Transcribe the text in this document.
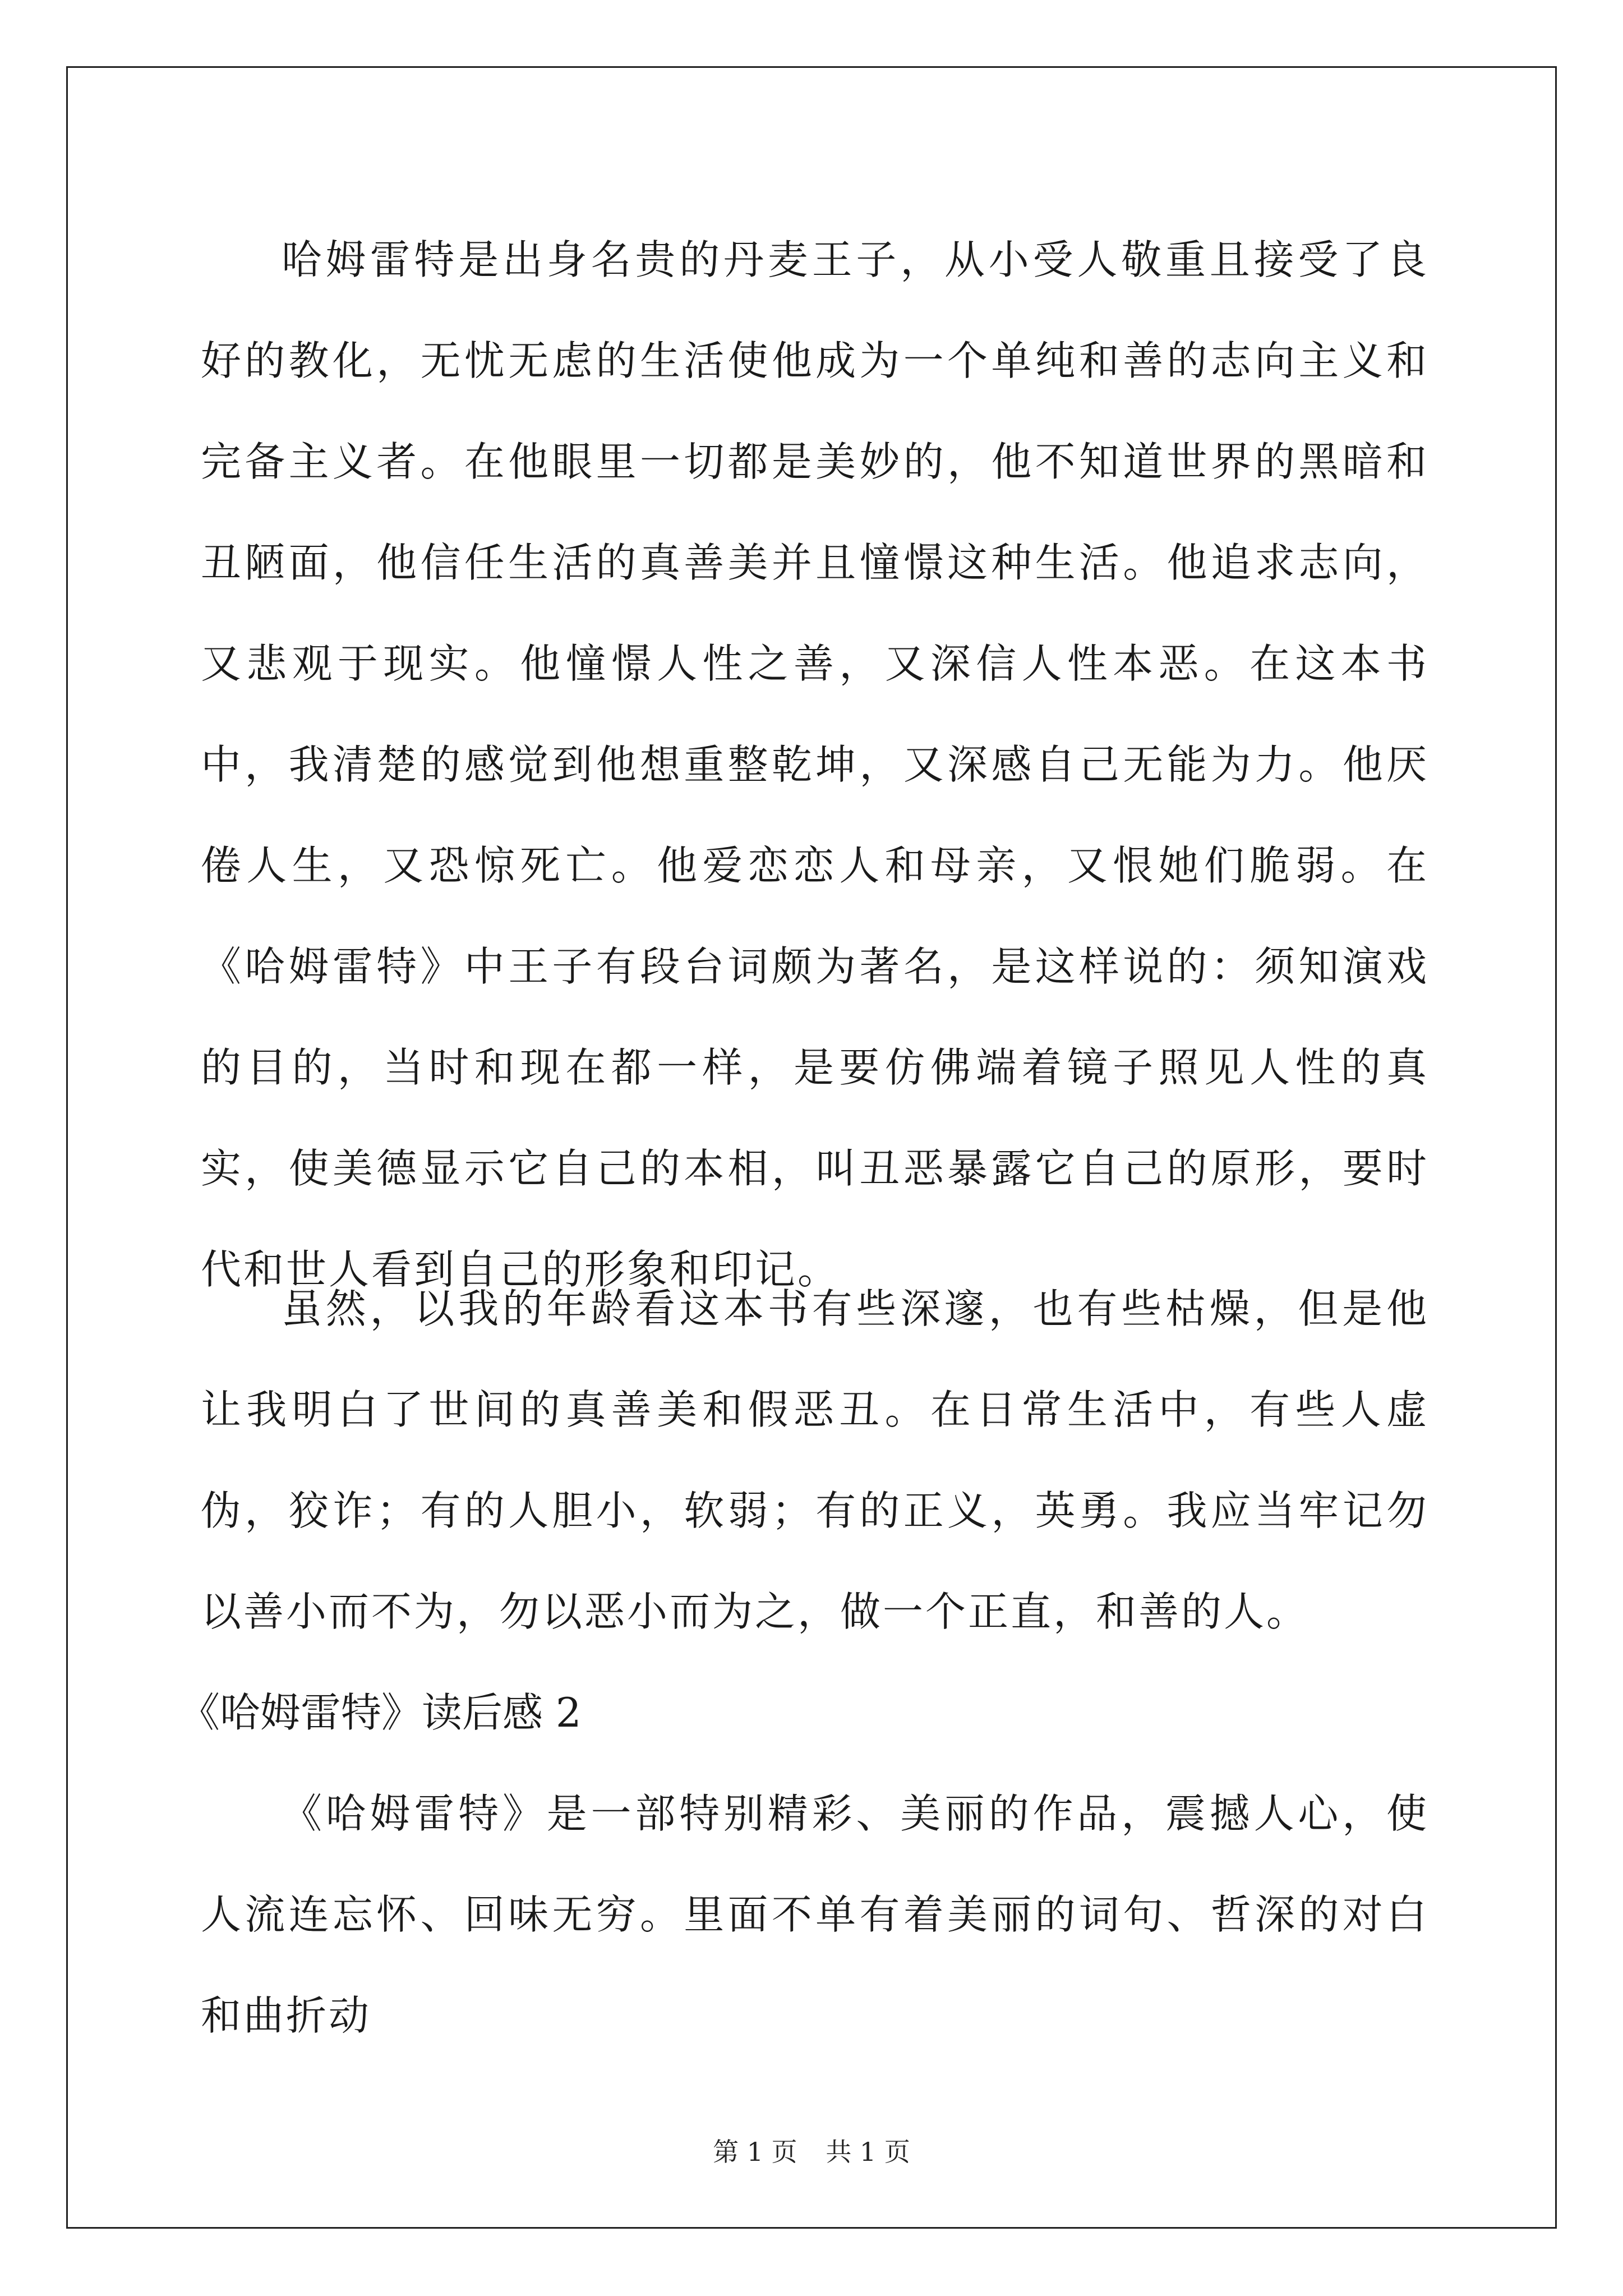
哈姆雷特是出身名贵的丹麦王子，从小受人敬重且接受了良好的教化，无忧无虑的生活使他成为一个单纯和善的志向主义和完备主义者。在他眼里一切都是美妙的，他不知道世界的黑暗和丑陋面，他信任生活的真善美并且憧憬这种生活。他追求志向，又悲观于现实。他憧憬人性之善，又深信人性本恶。在这本书中，我清楚的感觉到他想重整乾坤，又深感自己无能为力。他厌倦人生，又恐惊死亡。他爱恋恋人和母亲，又恨她们脆弱。在《哈姆雷特》中王子有段台词颇为著名，是这样说的：须知演戏的目的，当时和现在都一样，是要仿佛端着镜子照见人性的真实，使美德显示它自己的本相，叫丑恶暴露它自己的原形，要时代和世人看到自己的形象和印记。

虽然，以我的年龄看这本书有些深邃，也有些枯燥，但是他让我明白了世间的真善美和假恶丑。在日常生活中，有些人虚伪，狡诈；有的人胆小，软弱；有的正义，英勇。我应当牢记勿以善小而不为，勿以恶小而为之，做一个正直，和善的人。

《哈姆雷特》读后感 2

《哈姆雷特》是一部特别精彩、美丽的作品，震撼人心，使人流连忘怀、回味无穷。里面不单有着美丽的词句、哲深的对白和曲折动

第 1 页 共 1 页
